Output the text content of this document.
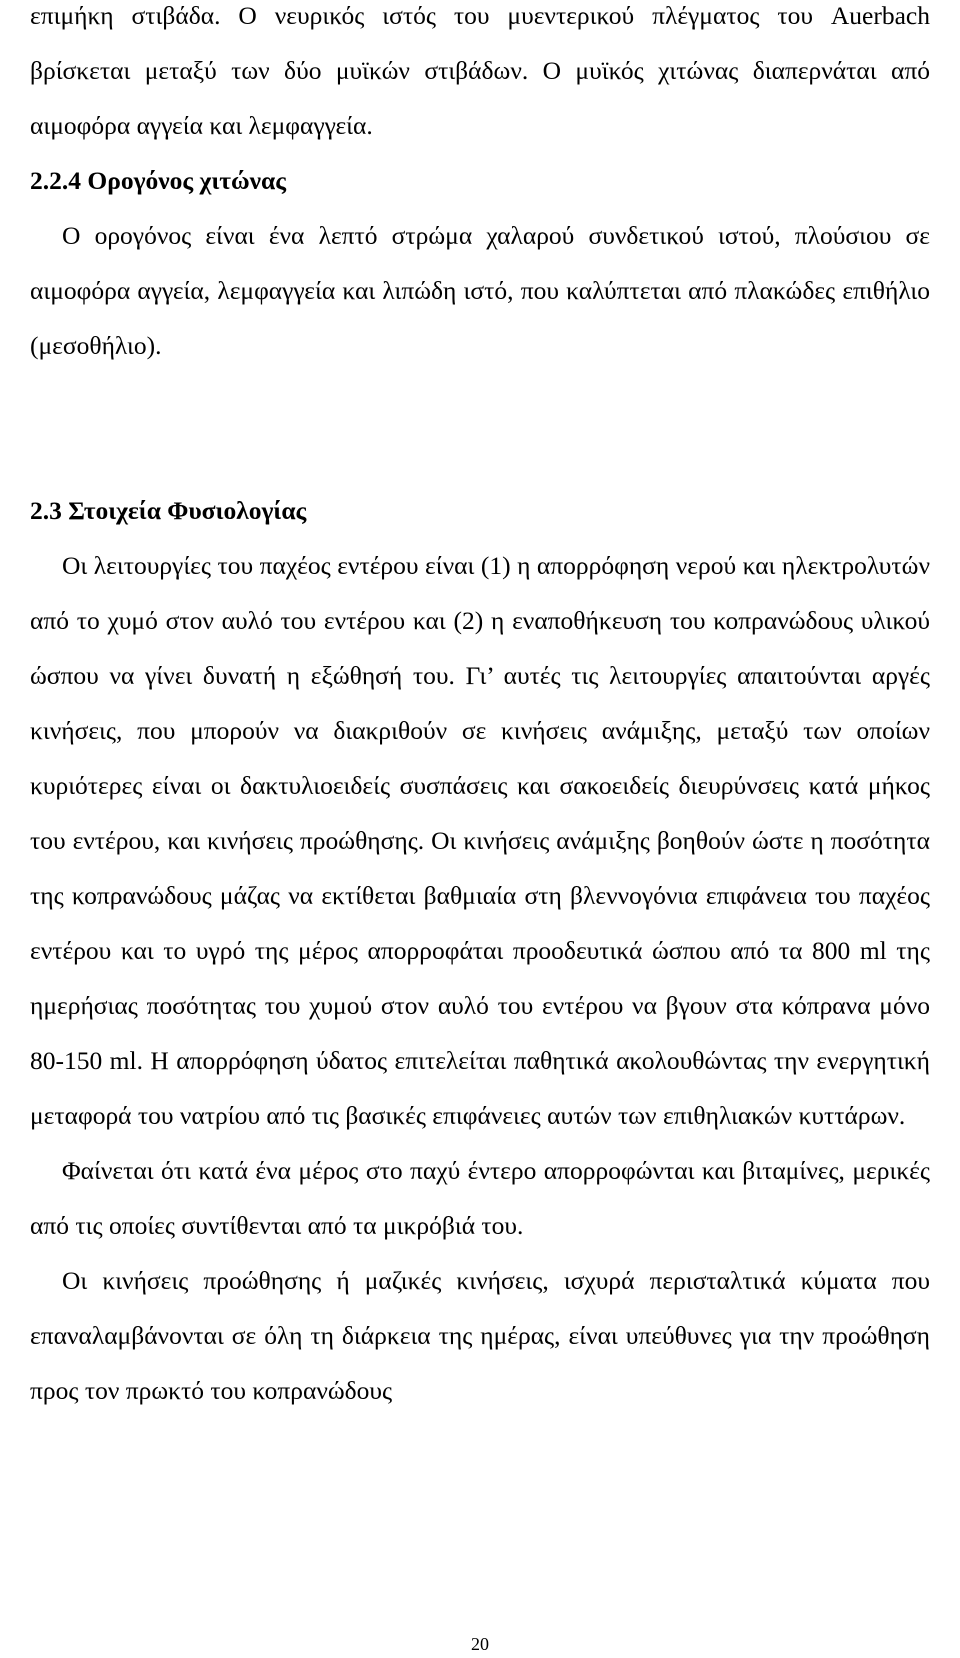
επιμήκη στιβάδα. Ο νευρικός ιστός του μυεντερικού πλέγματος του Auerbach βρίσκεται μεταξύ των δύο μυϊκών στιβάδων. Ο μυϊκός χιτώνας διαπερνάται από αιμοφόρα αγγεία και λεμφαγγεία.

2.2.4 Ορογόνος χιτώνας

Ο ορογόνος είναι ένα λεπτό στρώμα χαλαρού συνδετικού ιστού, πλούσιου σε αιμοφόρα αγγεία, λεμφαγγεία και λιπώδη ιστό, που καλύπτεται από πλακώδες επιθήλιο (μεσοθήλιο).

2.3 Στοιχεία Φυσιολογίας

Οι λειτουργίες του παχέος εντέρου είναι (1) η απορρόφηση νερού και ηλεκτρολυτών από το χυμό στον αυλό του εντέρου και (2) η εναποθήκευση του κοπρανώδους υλικού ώσπου να γίνει δυνατή η εξώθησή του. Γι’ αυτές τις λειτουργίες απαιτούνται αργές κινήσεις, που μπορούν να διακριθούν σε κινήσεις ανάμιξης, μεταξύ των οποίων κυριότερες είναι οι δακτυλιοειδείς συσπάσεις και σακοειδείς διευρύνσεις κατά μήκος του εντέρου, και κινήσεις προώθησης. Οι κινήσεις ανάμιξης βοηθούν ώστε η ποσότητα της κοπρανώδους μάζας να εκτίθεται βαθμιαία στη βλεννογόνια επιφάνεια του παχέος εντέρου και το υγρό της μέρος απορροφάται προοδευτικά ώσπου από τα 800 ml της ημερήσιας ποσότητας του χυμού στον αυλό του εντέρου να βγουν στα κόπρανα μόνο 80-150 ml. Η απορρόφηση ύδατος επιτελείται παθητικά ακολουθώντας την ενεργητική μεταφορά του νατρίου από τις βασικές επιφάνειες αυτών των επιθηλιακών κυττάρων.

Φαίνεται ότι κατά ένα μέρος στο παχύ έντερο απορροφώνται και βιταμίνες, μερικές από τις οποίες συντίθενται από τα μικρόβιά του.

Οι κινήσεις προώθησης ή μαζικές κινήσεις, ισχυρά περισταλτικά κύματα που επαναλαμβάνονται σε όλη τη διάρκεια της ημέρας, είναι υπεύθυνες για την προώθηση προς τον πρωκτό του κοπρανώδους

20
